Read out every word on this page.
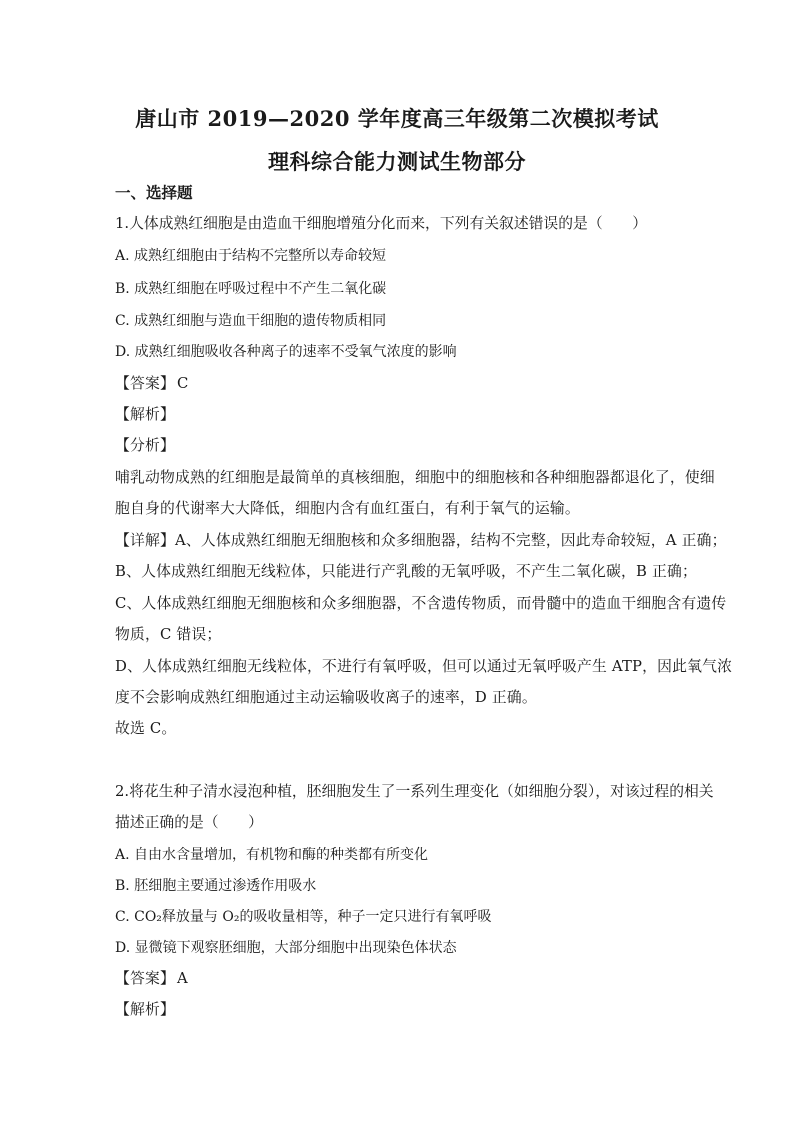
唐山市 2019—2020 学年度高三年级第二次模拟考试
理科综合能力测试生物部分
一、选择题
1.人体成熟红细胞是由造血干细胞增殖分化而来，下列有关叙述错误的是（　　）
A. 成熟红细胞由于结构不完整所以寿命较短
B. 成熟红细胞在呼吸过程中不产生二氧化碳
C. 成熟红细胞与造血干细胞的遗传物质相同
D. 成熟红细胞吸收各种离子的速率不受氧气浓度的影响
【答案】 C
【解析】
【分析】
哺乳动物成熟的红细胞是最简单的真核细胞，细胞中的细胞核和各种细胞器都退化了，使细
胞自身的代谢率大大降低，细胞内含有血红蛋白，有利于氧气的运输。
【详解】A、人体成熟红细胞无细胞核和众多细胞器，结构不完整，因此寿命较短，A 正确；
B、人体成熟红细胞无线粒体，只能进行产乳酸的无氧呼吸，不产生二氧化碳，B 正确；
C、人体成熟红细胞无细胞核和众多细胞器，不含遗传物质，而骨髓中的造血干细胞含有遗传
物质，C 错误；
D、人体成熟红细胞无线粒体，不进行有氧呼吸，但可以通过无氧呼吸产生 ATP，因此氧气浓
度不会影响成熟红细胞通过主动运输吸收离子的速率，D 正确。
故选 C。
2.将花生种子清水浸泡种植，胚细胞发生了一系列生理变化（如细胞分裂），对该过程的相关
描述正确的是（　　）
A. 自由水含量增加，有机物和酶的种类都有所变化
B. 胚细胞主要通过渗透作用吸水
C. CO₂释放量与 O₂的吸收量相等，种子一定只进行有氧呼吸
D. 显微镜下观察胚细胞，大部分细胞中出现染色体状态
【答案】 A
【解析】
